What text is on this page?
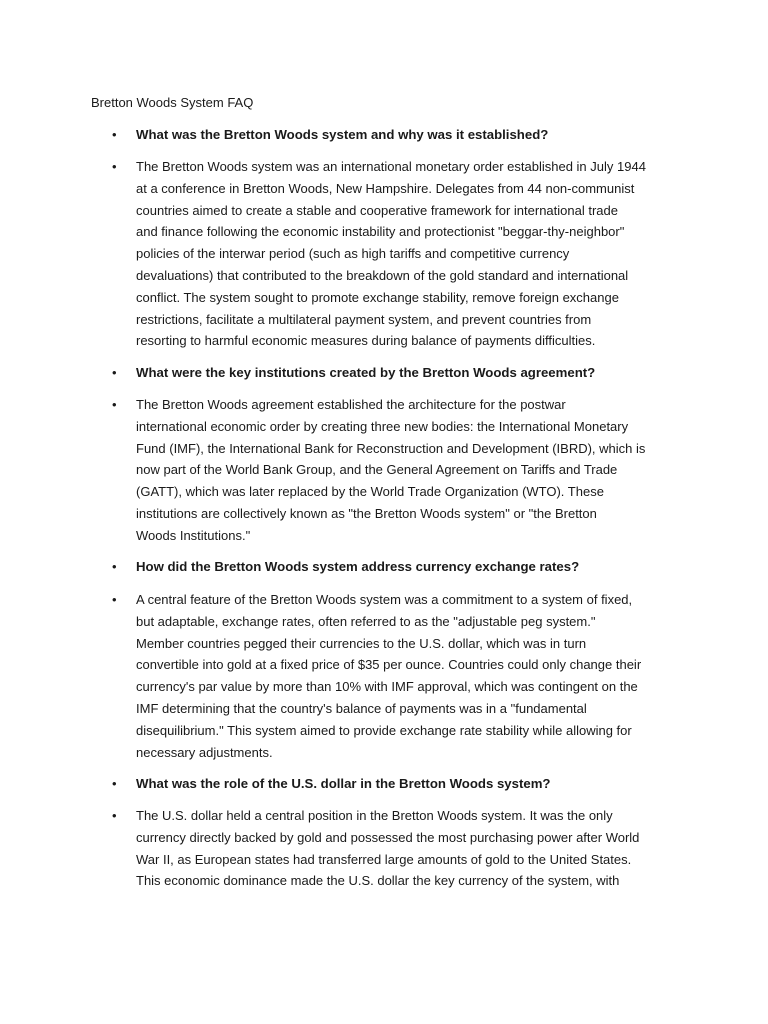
Bretton Woods System FAQ
• What was the Bretton Woods system and why was it established?
• The Bretton Woods system was an international monetary order established in July 1944
at a conference in Bretton Woods, New Hampshire. Delegates from 44 non-communist
countries aimed to create a stable and cooperative framework for international trade
and finance following the economic instability and protectionist "beggar-thy-neighbor"
policies of the interwar period (such as high tariffs and competitive currency
devaluations) that contributed to the breakdown of the gold standard and international
conflict. The system sought to promote exchange stability, remove foreign exchange
restrictions, facilitate a multilateral payment system, and prevent countries from
resorting to harmful economic measures during balance of payments difficulties.
• What were the key institutions created by the Bretton Woods agreement?
• The Bretton Woods agreement established the architecture for the postwar
international economic order by creating three new bodies: the International Monetary
Fund (IMF), the International Bank for Reconstruction and Development (IBRD), which is
now part of the World Bank Group, and the General Agreement on Tariffs and Trade
(GATT), which was later replaced by the World Trade Organization (WTO). These
institutions are collectively known as "the Bretton Woods system" or "the Bretton
Woods Institutions."
• How did the Bretton Woods system address currency exchange rates?
• A central feature of the Bretton Woods system was a commitment to a system of fixed,
but adaptable, exchange rates, often referred to as the "adjustable peg system."
Member countries pegged their currencies to the U.S. dollar, which was in turn
convertible into gold at a fixed price of $35 per ounce. Countries could only change their
currency's par value by more than 10% with IMF approval, which was contingent on the
IMF determining that the country's balance of payments was in a "fundamental
disequilibrium." This system aimed to provide exchange rate stability while allowing for
necessary adjustments.
• What was the role of the U.S. dollar in the Bretton Woods system?
• The U.S. dollar held a central position in the Bretton Woods system. It was the only
currency directly backed by gold and possessed the most purchasing power after World
War II, as European states had transferred large amounts of gold to the United States.
This economic dominance made the U.S. dollar the key currency of the system, with
